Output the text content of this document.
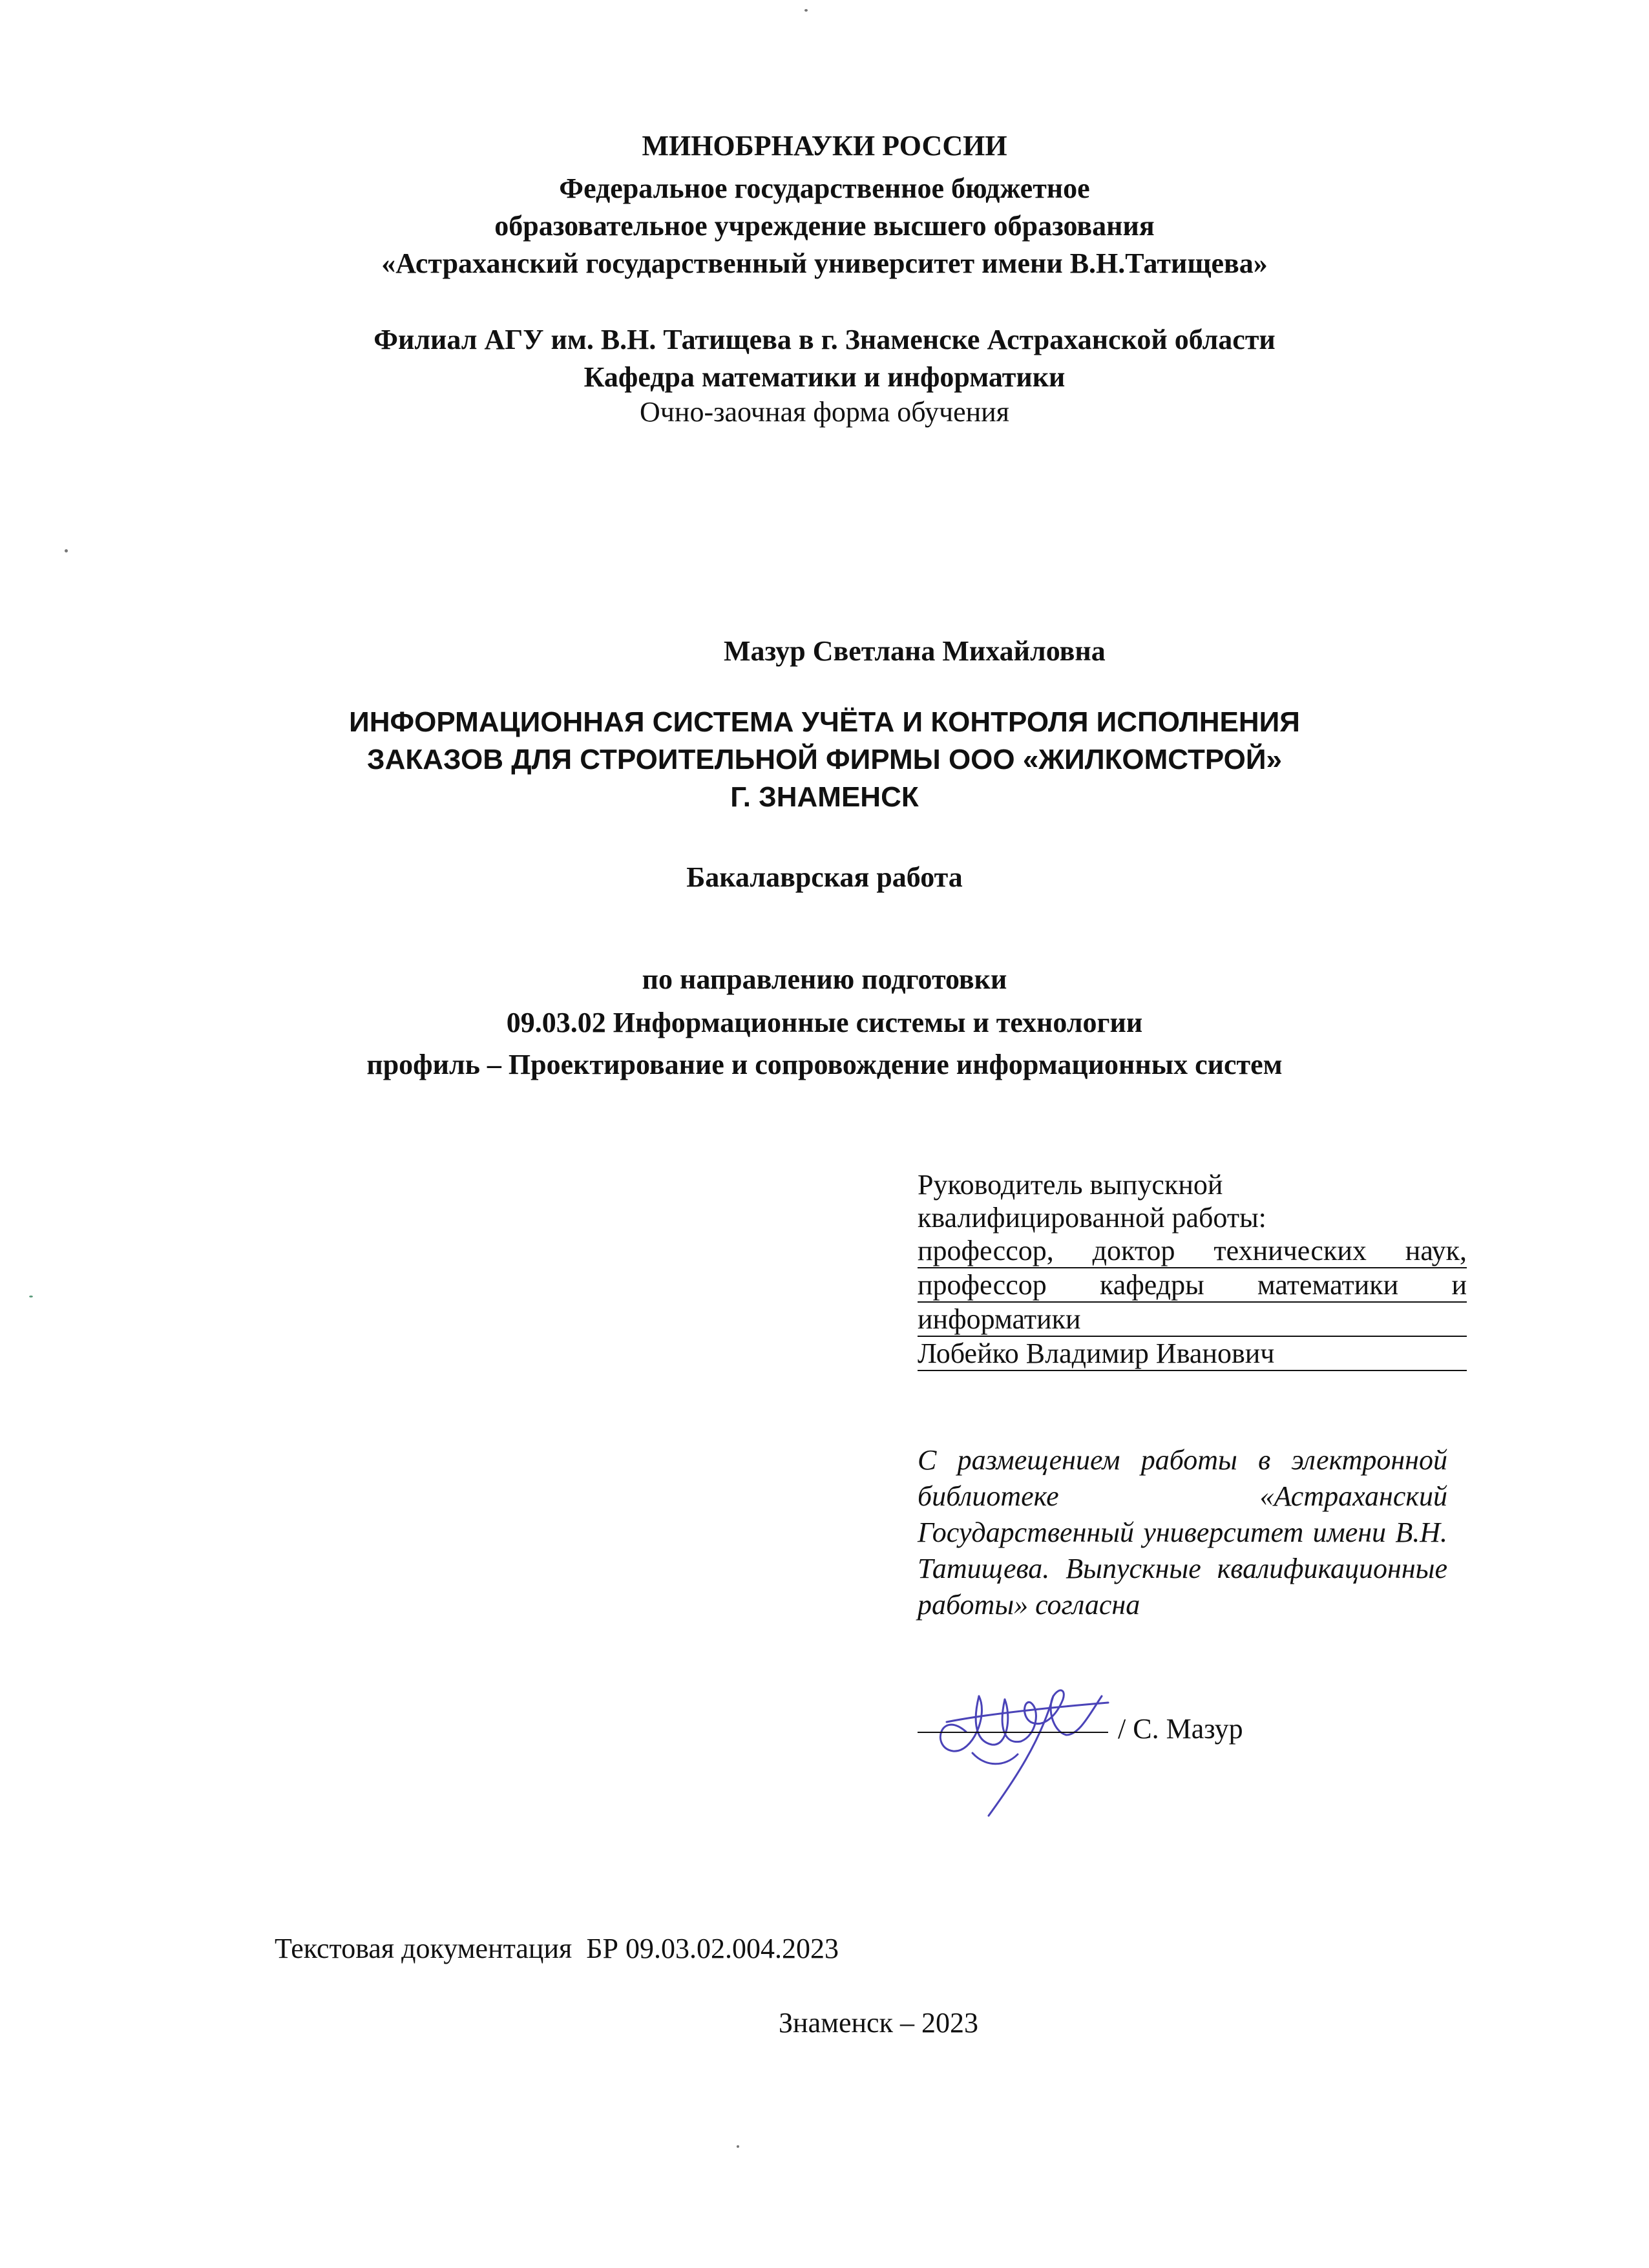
МИНОБРНАУКИ РОССИИ
Федеральное государственное бюджетное
образовательное учреждение высшего образования
«Астраханский государственный университет имени В.Н.Татищева»
Филиал АГУ им. В.Н. Татищева в г. Знаменске Астраханской области
Кафедра математики и информатики
Очно-заочная форма обучения
Мазур Светлана Михайловна
ИНФОРМАЦИОННАЯ СИСТЕМА УЧЁТА И КОНТРОЛЯ ИСПОЛНЕНИЯ
ЗАКАЗОВ ДЛЯ СТРОИТЕЛЬНОЙ ФИРМЫ ООО «ЖИЛКОМСТРОЙ»
Г. ЗНАМЕНСК
Бакалаврская работа
по направлению подготовки
09.03.02 Информационные системы и технологии
профиль – Проектирование и сопровождение информационных систем
Руководитель выпускной
квалифицированной работы:
профессор, доктор технических наук,
профессор кафедры математики и
информатики
Лобейко Владимир Иванович
С размещением работы в электронной библиотеке «Астраханский Государственный университет имени В.Н. Татищева. Выпускные квалификационные работы» согласна
/ С. Мазур
Текстовая документация  БР 09.03.02.004.2023
Знаменск – 2023
